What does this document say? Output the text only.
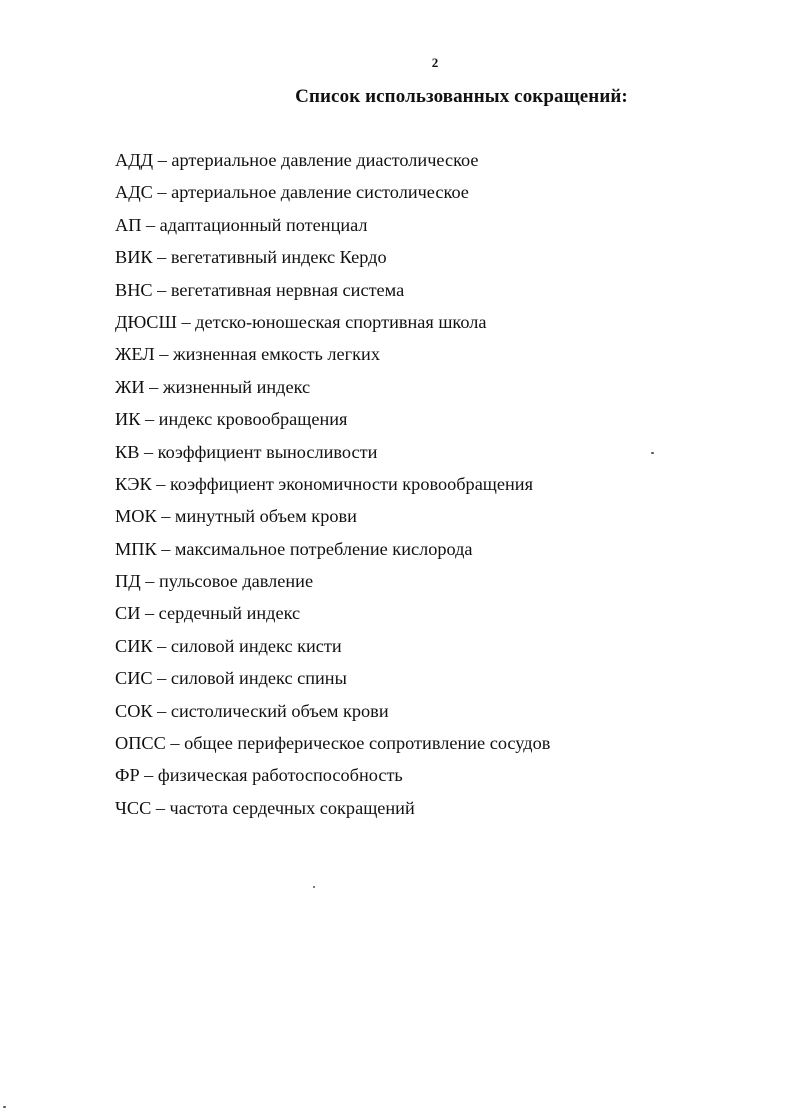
2
Список использованных сокращений:
АДД – артериальное давление диастолическое
АДС – артериальное давление систолическое
АП – адаптационный потенциал
ВИК – вегетативный индекс Кердо
ВНС – вегетативная нервная система
ДЮСШ – детско-юношеская спортивная школа
ЖЕЛ – жизненная емкость легких
ЖИ – жизненный индекс
ИК – индекс кровообращения
КВ – коэффициент выносливости
КЭК – коэффициент экономичности кровообращения
МОК – минутный объем крови
МПК – максимальное потребление кислорода
ПД – пульсовое давление
СИ – сердечный индекс
СИК – силовой индекс кисти
СИС – силовой индекс спины
СОК – систолический объем крови
ОПСС – общее периферическое сопротивление сосудов
ФР – физическая работоспособность
ЧСС – частота сердечных сокращений
